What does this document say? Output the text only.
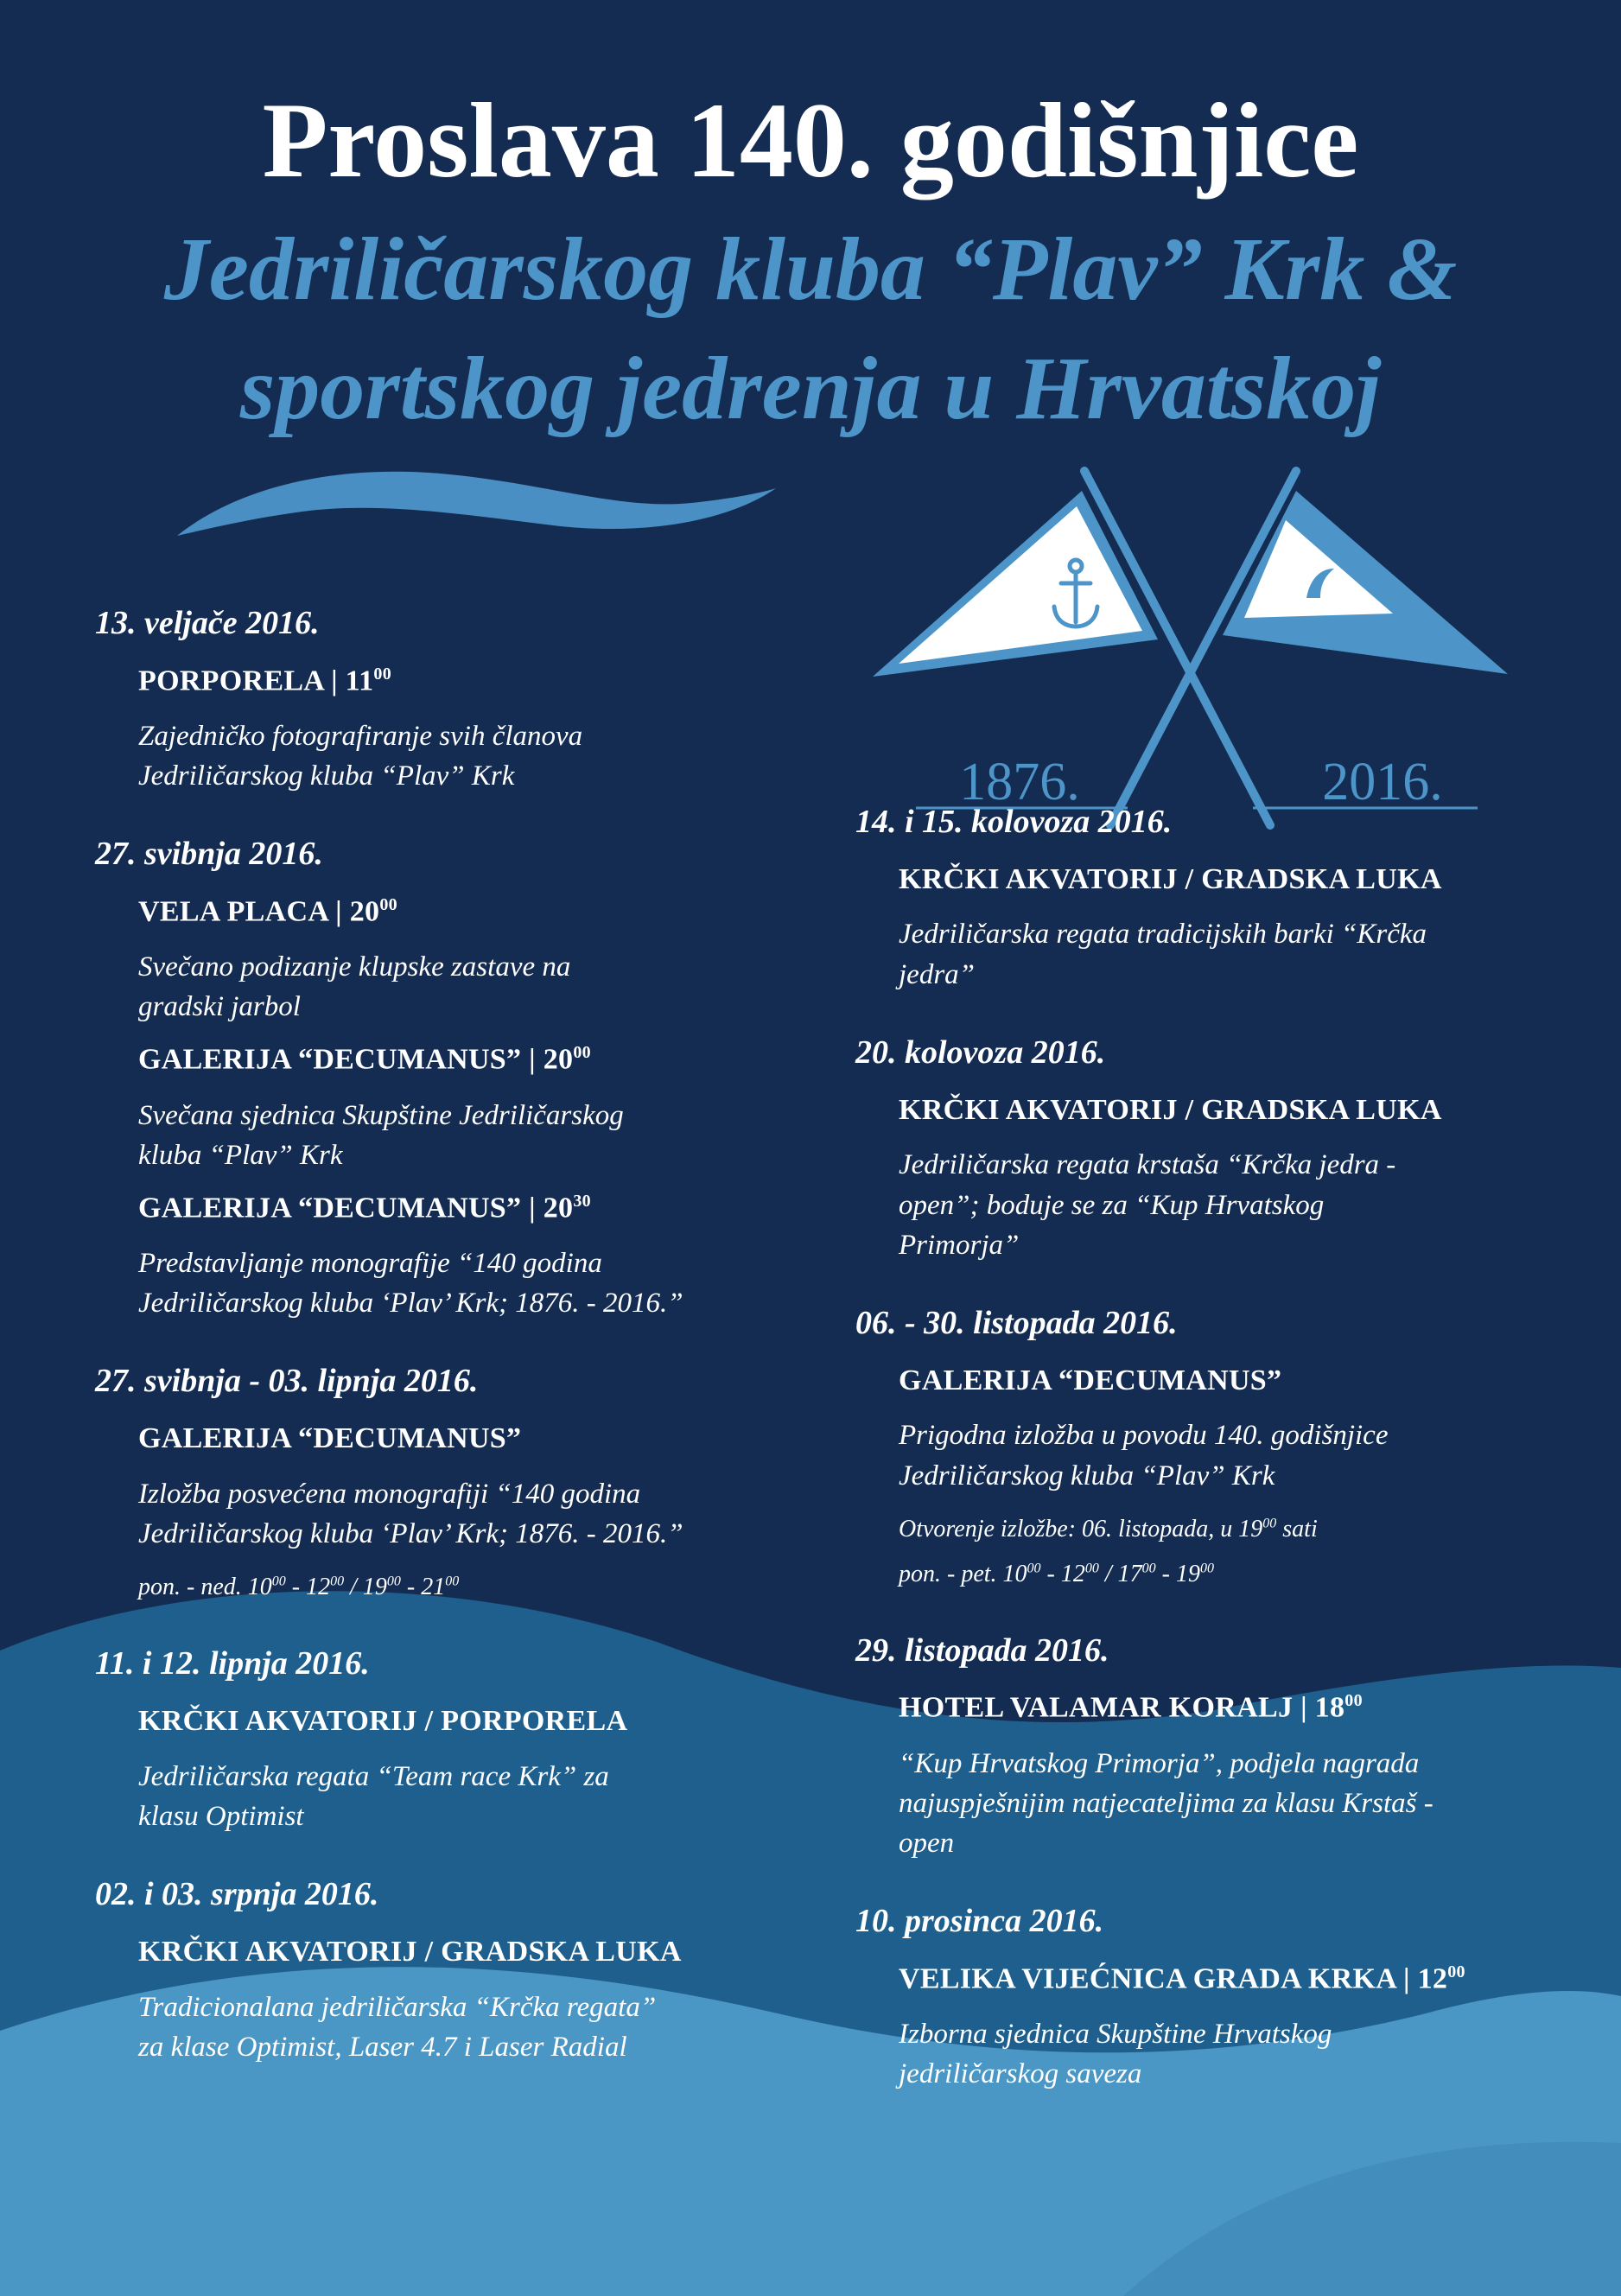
Proslava 140. godišnjice
Jedriličarskog kluba “Plav” Krk &
sportskog jedrenja u Hrvatskoj
1876.	2016.
13. veljače 2016.
PORPORELA | $11^{00}$
Zajedničko fotografiranje svih članova
Jedriličarskog kluba “Plav” Krk
27. svibnja 2016.
VELA PLACA | $20^{00}$
Svečano podizanje klupske zastave na
gradski jarbol
GALERIJA “DECUMANUS” | $20^{00}$
Svečana sjednica Skupštine Jedriličarskog
kluba “Plav” Krk
GALERIJA “DECUMANUS” | $20^{30}$
Predstavljanje monografije “140 godina
Jedriličarskog kluba ‘Plav’ Krk; 1876. - 2016.”
27. svibnja - 03. lipnja 2016.
GALERIJA “DECUMANUS”
Izložba posvećena monografiji “140 godina
Jedriličarskog kluba ‘Plav’ Krk; 1876. - 2016.”
pon. - ned. $10^{00} - 12^{00} / 19^{00} - 21^{00}$
11. i 12. lipnja 2016.
KRČKI AKVATORIJ / PORPORELA
Jedriličarska regata “Team race Krk” za
klasu Optimist
02. i 03. srpnja 2016.
KRČKI AKVATORIJ / GRADSKA LUKA
Tradicionalana jedriličarska “Krčka regata”
za klase Optimist, Laser 4.7 i Laser Radial
14. i 15. kolovoza 2016.
KRČKI AKVATORIJ / GRADSKA LUKA
Jedriličarska regata tradicijskih barki “Krčka
jedra”
20. kolovoza 2016.
KRČKI AKVATORIJ / GRADSKA LUKA
Jedriličarska regata krstaša “Krčka jedra -
open”; boduje se za “Kup Hrvatskog
Primorja”
06. - 30. listopada 2016.
GALERIJA “DECUMANUS”
Prigodna izložba u povodu 140. godišnjice
Jedriličarskog kluba “Plav” Krk
Otvorenje izložbe: 06. listopada, u $19^{00}$ sati
pon. - pet. $10^{00} - 12^{00} / 17^{00} - 19^{00}$
29. listopada 2016.
HOTEL VALAMAR KORALJ | $18^{00}$
“Kup Hrvatskog Primorja”, podjela nagrada
najuspješnijim natjecateljima za klasu Krstaš -
open
10. prosinca 2016.
VELIKA VIJEĆNICA GRADA KRKA | $12^{00}$
Izborna sjednica Skupštine Hrvatskog
jedriličarskog saveza
